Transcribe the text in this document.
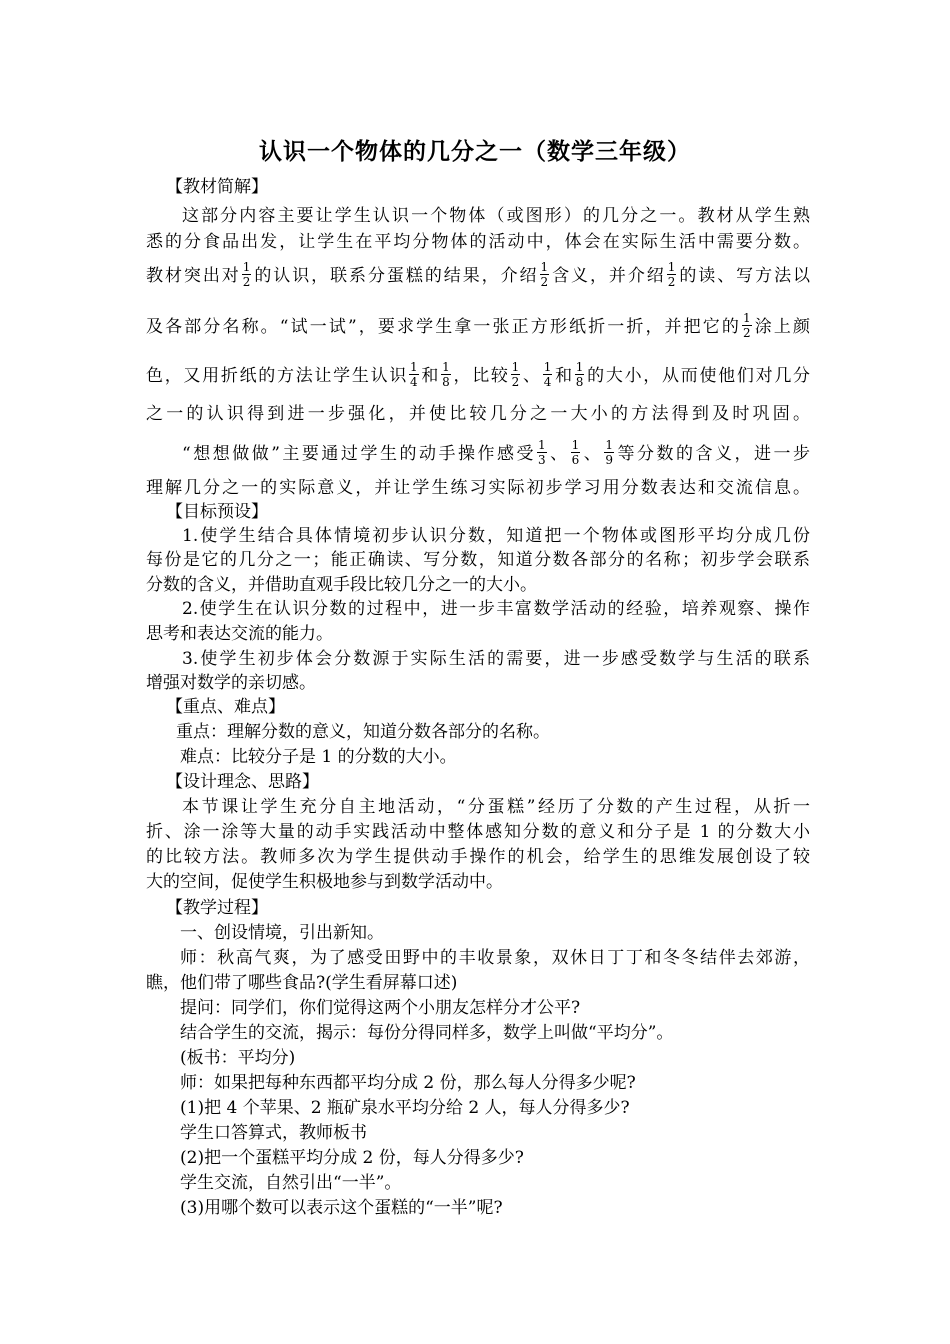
认识一个物体的几分之一（数学三年级）
【教材简解】
这部分内容主要让学生认识一个物体（或图形）的几分之一。教材从学生熟
悉的分食品出发，让学生在平均分物体的活动中，体会在实际生活中需要分数。
教材突出对 $\frac{1}{2}$ 的认识，联系分蛋糕的结果，介绍 $\frac{1}{2}$ 含义，并介绍 $\frac{1}{2}$ 的读、写方法以
及各部分名称。“试一试”，要求学生拿一张正方形纸折一折，并把它的 $\frac{1}{2}$ 涂上颜
色，又用折纸的方法让学生认识 $\frac{1}{4}$ 和 $\frac{1}{8}$ ，比较 $\frac{1}{2}$ 、 $\frac{1}{4}$ 和 $\frac{1}{8}$ 的大小，从而使他们对几分
之一的认识得到进一步强化，并使比较几分之一大小的方法得到及时巩固。
“想想做做”主要通过学生的动手操作感受 $\frac{1}{3}$ 、 $\frac{1}{6}$ 、 $\frac{1}{9}$ 等分数的含义，进一步
理解几分之一的实际意义，并让学生练习实际初步学习用分数表达和交流信息。
【目标预设】
1.使学生结合具体情境初步认识分数，知道把一个物体或图形平均分成几份
每份是它的几分之一；能正确读、写分数，知道分数各部分的名称；初步学会联系
分数的含义，并借助直观手段比较几分之一的大小。
2.使学生在认识分数的过程中，进一步丰富数学活动的经验，培养观察、操作
思考和表达交流的能力。
3.使学生初步体会分数源于实际生活的需要，进一步感受数学与生活的联系
增强对数学的亲切感。
【重点、难点】
重点：理解分数的意义，知道分数各部分的名称。
难点：比较分子是 1 的分数的大小。
【设计理念、思路】
本节课让学生充分自主地活动，“分蛋糕”经历了分数的产生过程，从折一
折、涂一涂等大量的动手实践活动中整体感知分数的意义和分子是 1 的分数大小
的比较方法。教师多次为学生提供动手操作的机会，给学生的思维发展创设了较
大的空间，促使学生积极地参与到数学活动中。
【教学过程】
一、创设情境，引出新知。
师：秋高气爽，为了感受田野中的丰收景象，双休日丁丁和冬冬结伴去郊游，
瞧，他们带了哪些食品?(学生看屏幕口述)
提问：同学们，你们觉得这两个小朋友怎样分才公平?
结合学生的交流，揭示：每份分得同样多，数学上叫做“平均分”。
(板书：平均分)
师：如果把每种东西都平均分成 2 份，那么每人分得多少呢?
(1)把 4 个苹果、2 瓶矿泉水平均分给 2 人，每人分得多少?
学生口答算式，教师板书
(2)把一个蛋糕平均分成 2 份，每人分得多少?
学生交流，自然引出“一半”。
(3)用哪个数可以表示这个蛋糕的“一半”呢?
